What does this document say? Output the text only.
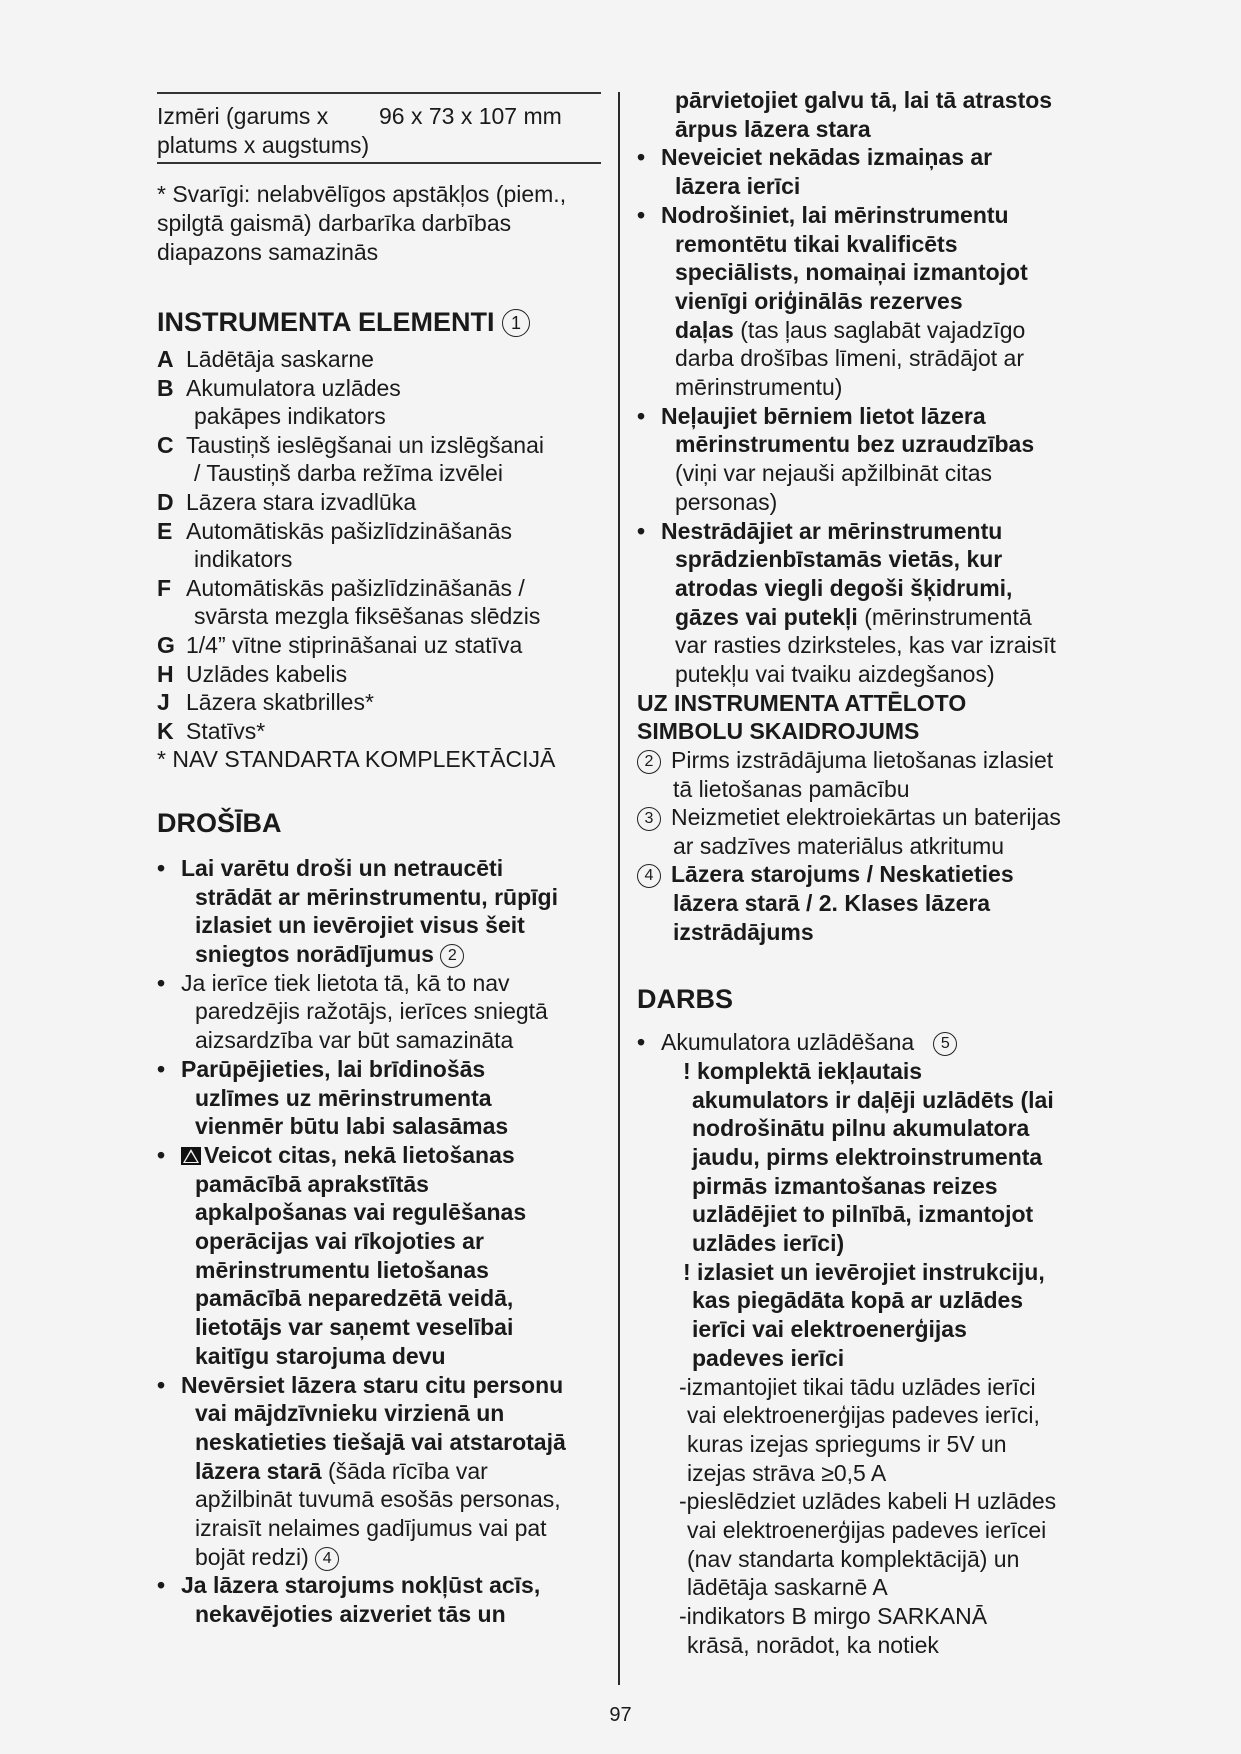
Izmēri (garums x
platums x augstums)
96 x 73 x 107 mm
* Svarīgi: nelabvēlīgos apstākļos (piem.,
spilgtā gaismā) darbarīka darbības
diapazons samazinās
INSTRUMENTA ELEMENTI 1
A Lādētāja saskarne
B Akumulatora uzlādes
pakāpes indikators
C Taustiņš ieslēgšanai un izslēgšanai
/ Taustiņš darba režīma izvēlei
D Lāzera stara izvadlūka
E Automātiskās pašizlīdzināšanās
indikators
F Automātiskās pašizlīdzināšanās /
svārsta mezgla fiksēšanas slēdzis
G 1/4” vītne stiprināšanai uz statīva
H Uzlādes kabelis
J Lāzera skatbrilles*
K Statīvs*
* NAV STANDARTA KOMPLEKTĀCIJĀ
DROŠĪBA
• Lai varētu droši un netraucēti
strādāt ar mērinstrumentu, rūpīgi
izlasiet un ievērojiet visus šeit
sniegtos norādījumus 2
• Ja ierīce tiek lietota tā, kā to nav
paredzējis ražotājs, ierīces sniegtā
aizsardzība var būt samazināta
• Parūpējieties, lai brīdinošās
uzlīmes uz mērinstrumenta
vienmēr būtu labi salasāmas
•	Veicot citas, nekā lietošanas
pamācībā aprakstītās
apkalpošanas vai regulēšanas
operācijas vai rīkojoties ar
mērinstrumentu lietošanas
pamācībā neparedzētā veidā,
lietotājs var saņemt veselībai
kaitīgu starojuma devu
• Nevērsiet lāzera staru citu personu
vai mājdzīvnieku virzienā un
neskatieties tiešajā vai atstarotajā
lāzera starā (šāda rīcība var
apžilbināt tuvumā esošās personas,
izraisīt nelaimes gadījumus vai pat
bojāt redzi) 4
• Ja lāzera starojums nokļūst acīs,
nekavējoties aizveriet tās un
pārvietojiet galvu tā, lai tā atrastos
ārpus lāzera stara
• Neveiciet nekādas izmaiņas ar
lāzera ierīci
• Nodrošiniet, lai mērinstrumentu
remontētu tikai kvalificēts
speciālists, nomaiņai izmantojot
vienīgi oriģinālās rezerves
daļas (tas ļaus saglabāt vajadzīgo
darba drošības līmeni, strādājot ar
mērinstrumentu)
• Neļaujiet bērniem lietot lāzera
mērinstrumentu bez uzraudzības
(viņi var nejauši apžilbināt citas
personas)
• Nestrādājiet ar mērinstrumentu
sprādzienbīstamās vietās, kur
atrodas viegli degoši šķidrumi,
gāzes vai putekļi (mērinstrumentā
var rasties dzirksteles, kas var izraisīt
putekļu vai tvaiku aizdegšanos)
UZ INSTRUMENTA ATTĒLOTO
SIMBOLU SKAIDROJUMS
2 Pirms izstrādājuma lietošanas izlasiet
tā lietošanas pamācību
3 Neizmetiet elektroiekārtas un baterijas
ar sadzīves materiālus atkritumu
4 Lāzera starojums / Neskatieties
lāzera starā / 2. Klases lāzera
izstrādājums
DARBS
• Akumulatora uzlādēšana 5
! komplektā iekļautais
akumulators ir daļēji uzlādēts (lai
nodrošinātu pilnu akumulatora
jaudu, pirms elektroinstrumenta
pirmās izmantošanas reizes
uzlādējiet to pilnībā, izmantojot
uzlādes ierīci)
! izlasiet un ievērojiet instrukciju,
kas piegādāta kopā ar uzlādes
ierīci vai elektroenerģijas
padeves ierīci
-izmantojiet tikai tādu uzlādes ierīci
vai elektroenerģijas padeves ierīci,
kuras izejas spriegums ir 5V un
izejas strāva ≥0,5 A
-pieslēdziet uzlādes kabeli H uzlādes
vai elektroenerģijas padeves ierīcei
(nav standarta komplektācijā) un
lādētāja saskarnē A
-indikators B mirgo SARKANĀ
krāsā, norādot, ka notiek
97
